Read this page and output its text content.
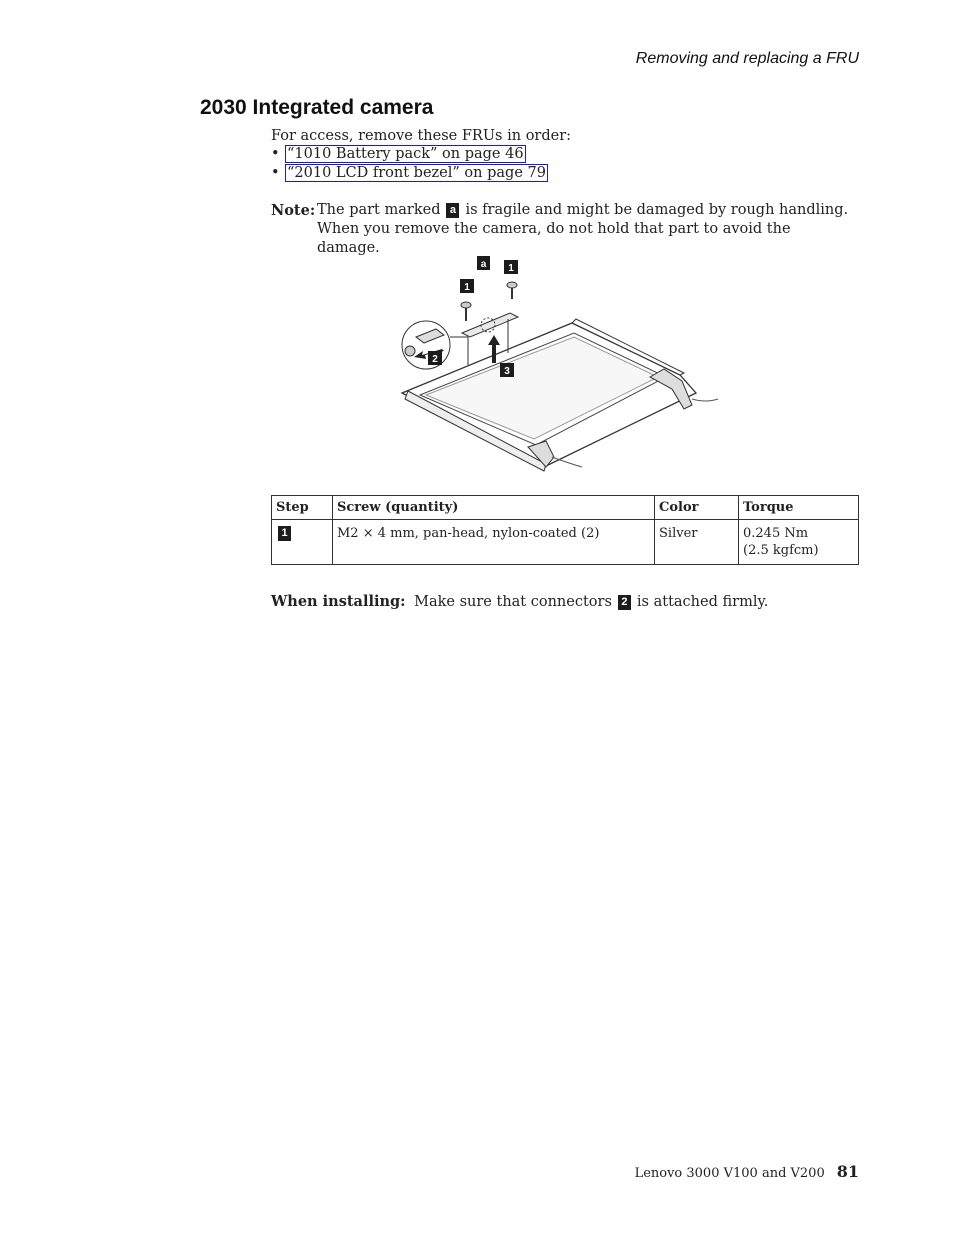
Removing and replacing a FRU
2030 Integrated camera
For access, remove these FRUs in order:
• “1010 Battery pack” on page 46
• “2010 LCD front bezel” on page 79
Note: The part marked a is fragile and might be damaged by rough handling. When you remove the camera, do not hold that part to avoid the damage.
a 1
1
2
3
Step	Screw (quantity)	Color	Torque
1	M2 × 4 mm, pan-head, nylon-coated (2)	Silver	0.245 Nm
(2.5 kgfcm)
When installing: Make sure that connectors 2 is attached firmly.
Lenovo 3000 V100 and V200 81
